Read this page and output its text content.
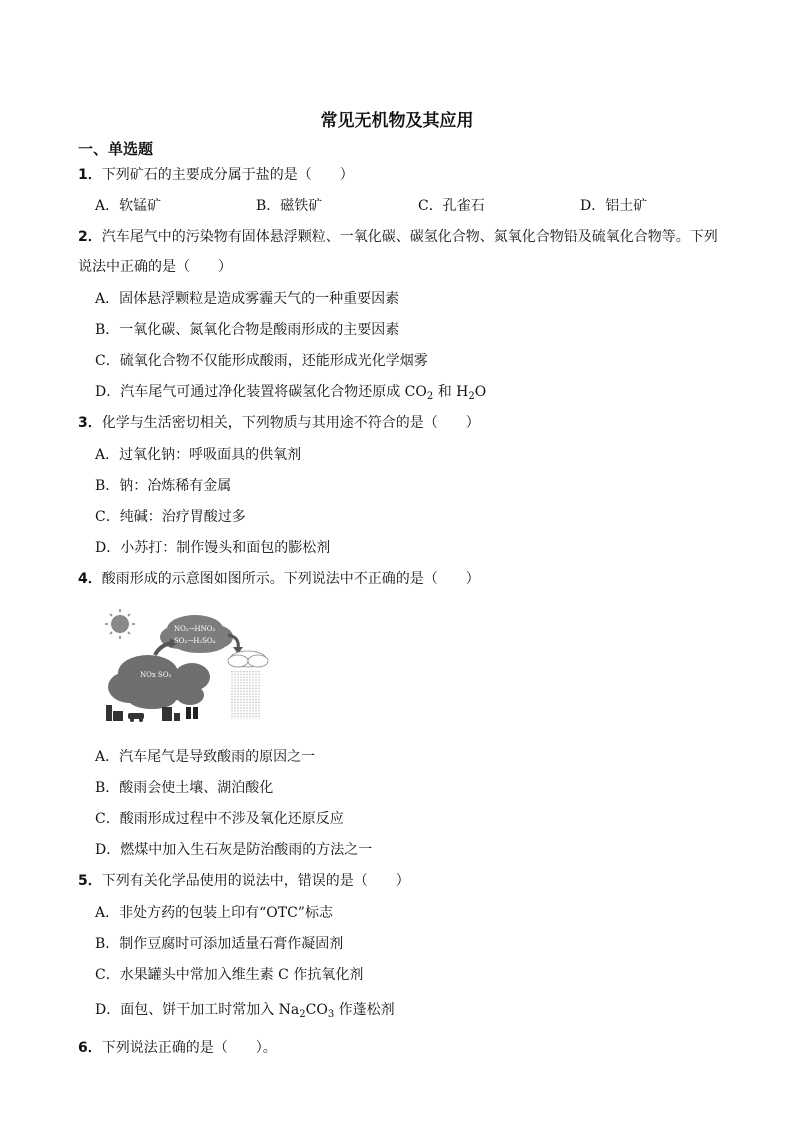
常见无机物及其应用
一、单选题
1．下列矿石的主要成分属于盐的是（　　）
A．软锰矿	B．磁铁矿	C．孔雀石	D．铝土矿
2．汽车尾气中的污染物有固体悬浮颗粒、一氧化碳、碳氢化合物、氮氧化合物铅及硫氧化合物等。下列
说法中正确的是（　　）
A．固体悬浮颗粒是造成雾霾天气的一种重要因素
B．一氧化碳、氮氧化合物是酸雨形成的主要因素
C．硫氧化合物不仅能形成酸雨，还能形成光化学烟雾
D．汽车尾气可通过净化装置将碳氢化合物还原成 $CO_2$ 和 $H_2O$
3．化学与生活密切相关，下列物质与其用途不符合的是（　　）
A．过氧化钠：呼吸面具的供氧剂
B．钠：冶炼稀有金属
C．纯碱：治疗胃酸过多
D．小苏打：制作馒头和面包的膨松剂
4．酸雨形成的示意图如图所示。下列说法中不正确的是（　　）
NO₂→HNO₃
SO₂→H₂SO₄
NOx SO₂
A．汽车尾气是导致酸雨的原因之一
B．酸雨会使土壤、湖泊酸化
C．酸雨形成过程中不涉及氧化还原反应
D．燃煤中加入生石灰是防治酸雨的方法之一
5．下列有关化学品使用的说法中，错误的是（　　）
A．非处方药的包装上印有“OTC”标志
B．制作豆腐时可添加适量石膏作凝固剂
C．水果罐头中常加入维生素 C 作抗氧化剂
D．面包、饼干加工时常加入 $Na_2CO_3$ 作蓬松剂
6．下列说法正确的是（　　）。
